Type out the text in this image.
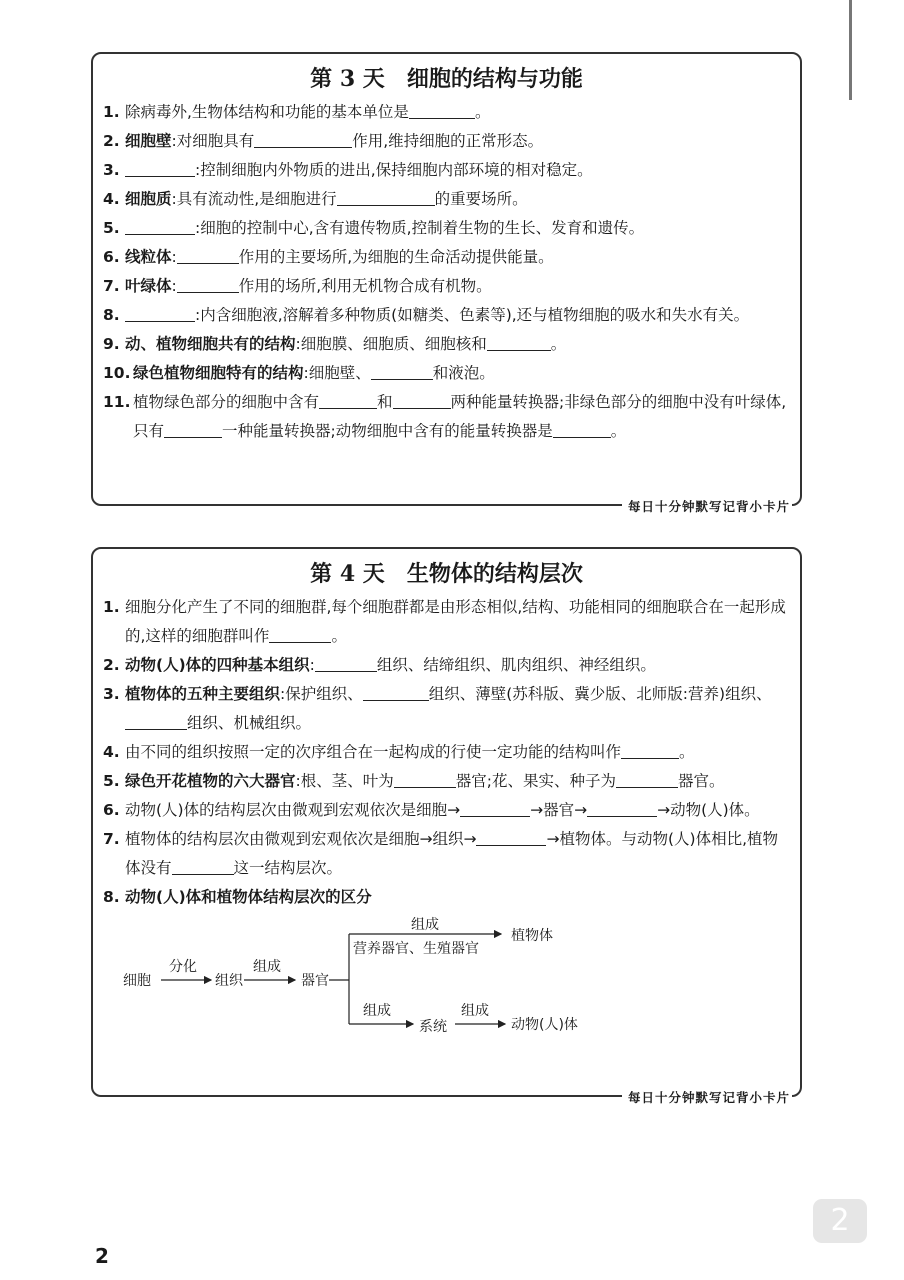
第 3 天 细胞的结构与功能
1. 除病毒外,生物体结构和功能的基本单位是	。
2. 细胞壁:对细胞具有	作用,维持细胞的正常形态。
3.	:控制细胞内外物质的进出,保持细胞内部环境的相对稳定。
4. 细胞质:具有流动性,是细胞进行	的重要场所。
5.	:细胞的控制中心,含有遗传物质,控制着生物的生长、发育和遗传。
6. 线粒体:	作用的主要场所,为细胞的生命活动提供能量。
7. 叶绿体:	作用的场所,利用无机物合成有机物。
8.	:内含细胞液,溶解着多种物质(如糖类、色素等),还与植物细胞的吸水和失水有关。
9. 动、植物细胞共有的结构:细胞膜、细胞质、细胞核和	。
10. 绿色植物细胞特有的结构:细胞壁、	和液泡。
11. 植物绿色部分的细胞中含有	和	两种能量转换器;非绿色部分的细胞中没有叶绿体,只有	一种能量转换器;动物细胞中含有的能量转换器是	。
每日十分钟默写记背小卡片
第 4 天 生物体的结构层次
1. 细胞分化产生了不同的细胞群,每个细胞群都是由形态相似,结构、功能相同的细胞联合在一起形成的,这样的细胞群叫作	。
2. 动物(人)体的四种基本组织:	组织、结缔组织、肌肉组织、神经组织。
3. 植物体的五种主要组织:保护组织、	组织、薄壁(苏科版、冀少版、北师版:营养)组织、组织、机械组织。
4. 由不同的组织按照一定的次序组合在一起构成的行使一定功能的结构叫作	。
5. 绿色开花植物的六大器官:根、茎、叶为	器官;花、果实、种子为	器官。
6. 动物(人)体的结构层次由微观到宏观依次是细胞→	→器官→	→动物(人)体。
7. 植物体的结构层次由微观到宏观依次是细胞→组织→	→植物体。与动物(人)体相比,植物体没有	这一结构层次。
8. 动物(人)体和植物体结构层次的区分
细胞
分化
组织
组成
器官
组成
营养器官、生殖器官
植物体
组成
系统
组成
动物(人)体
每日十分钟默写记背小卡片
2
2
